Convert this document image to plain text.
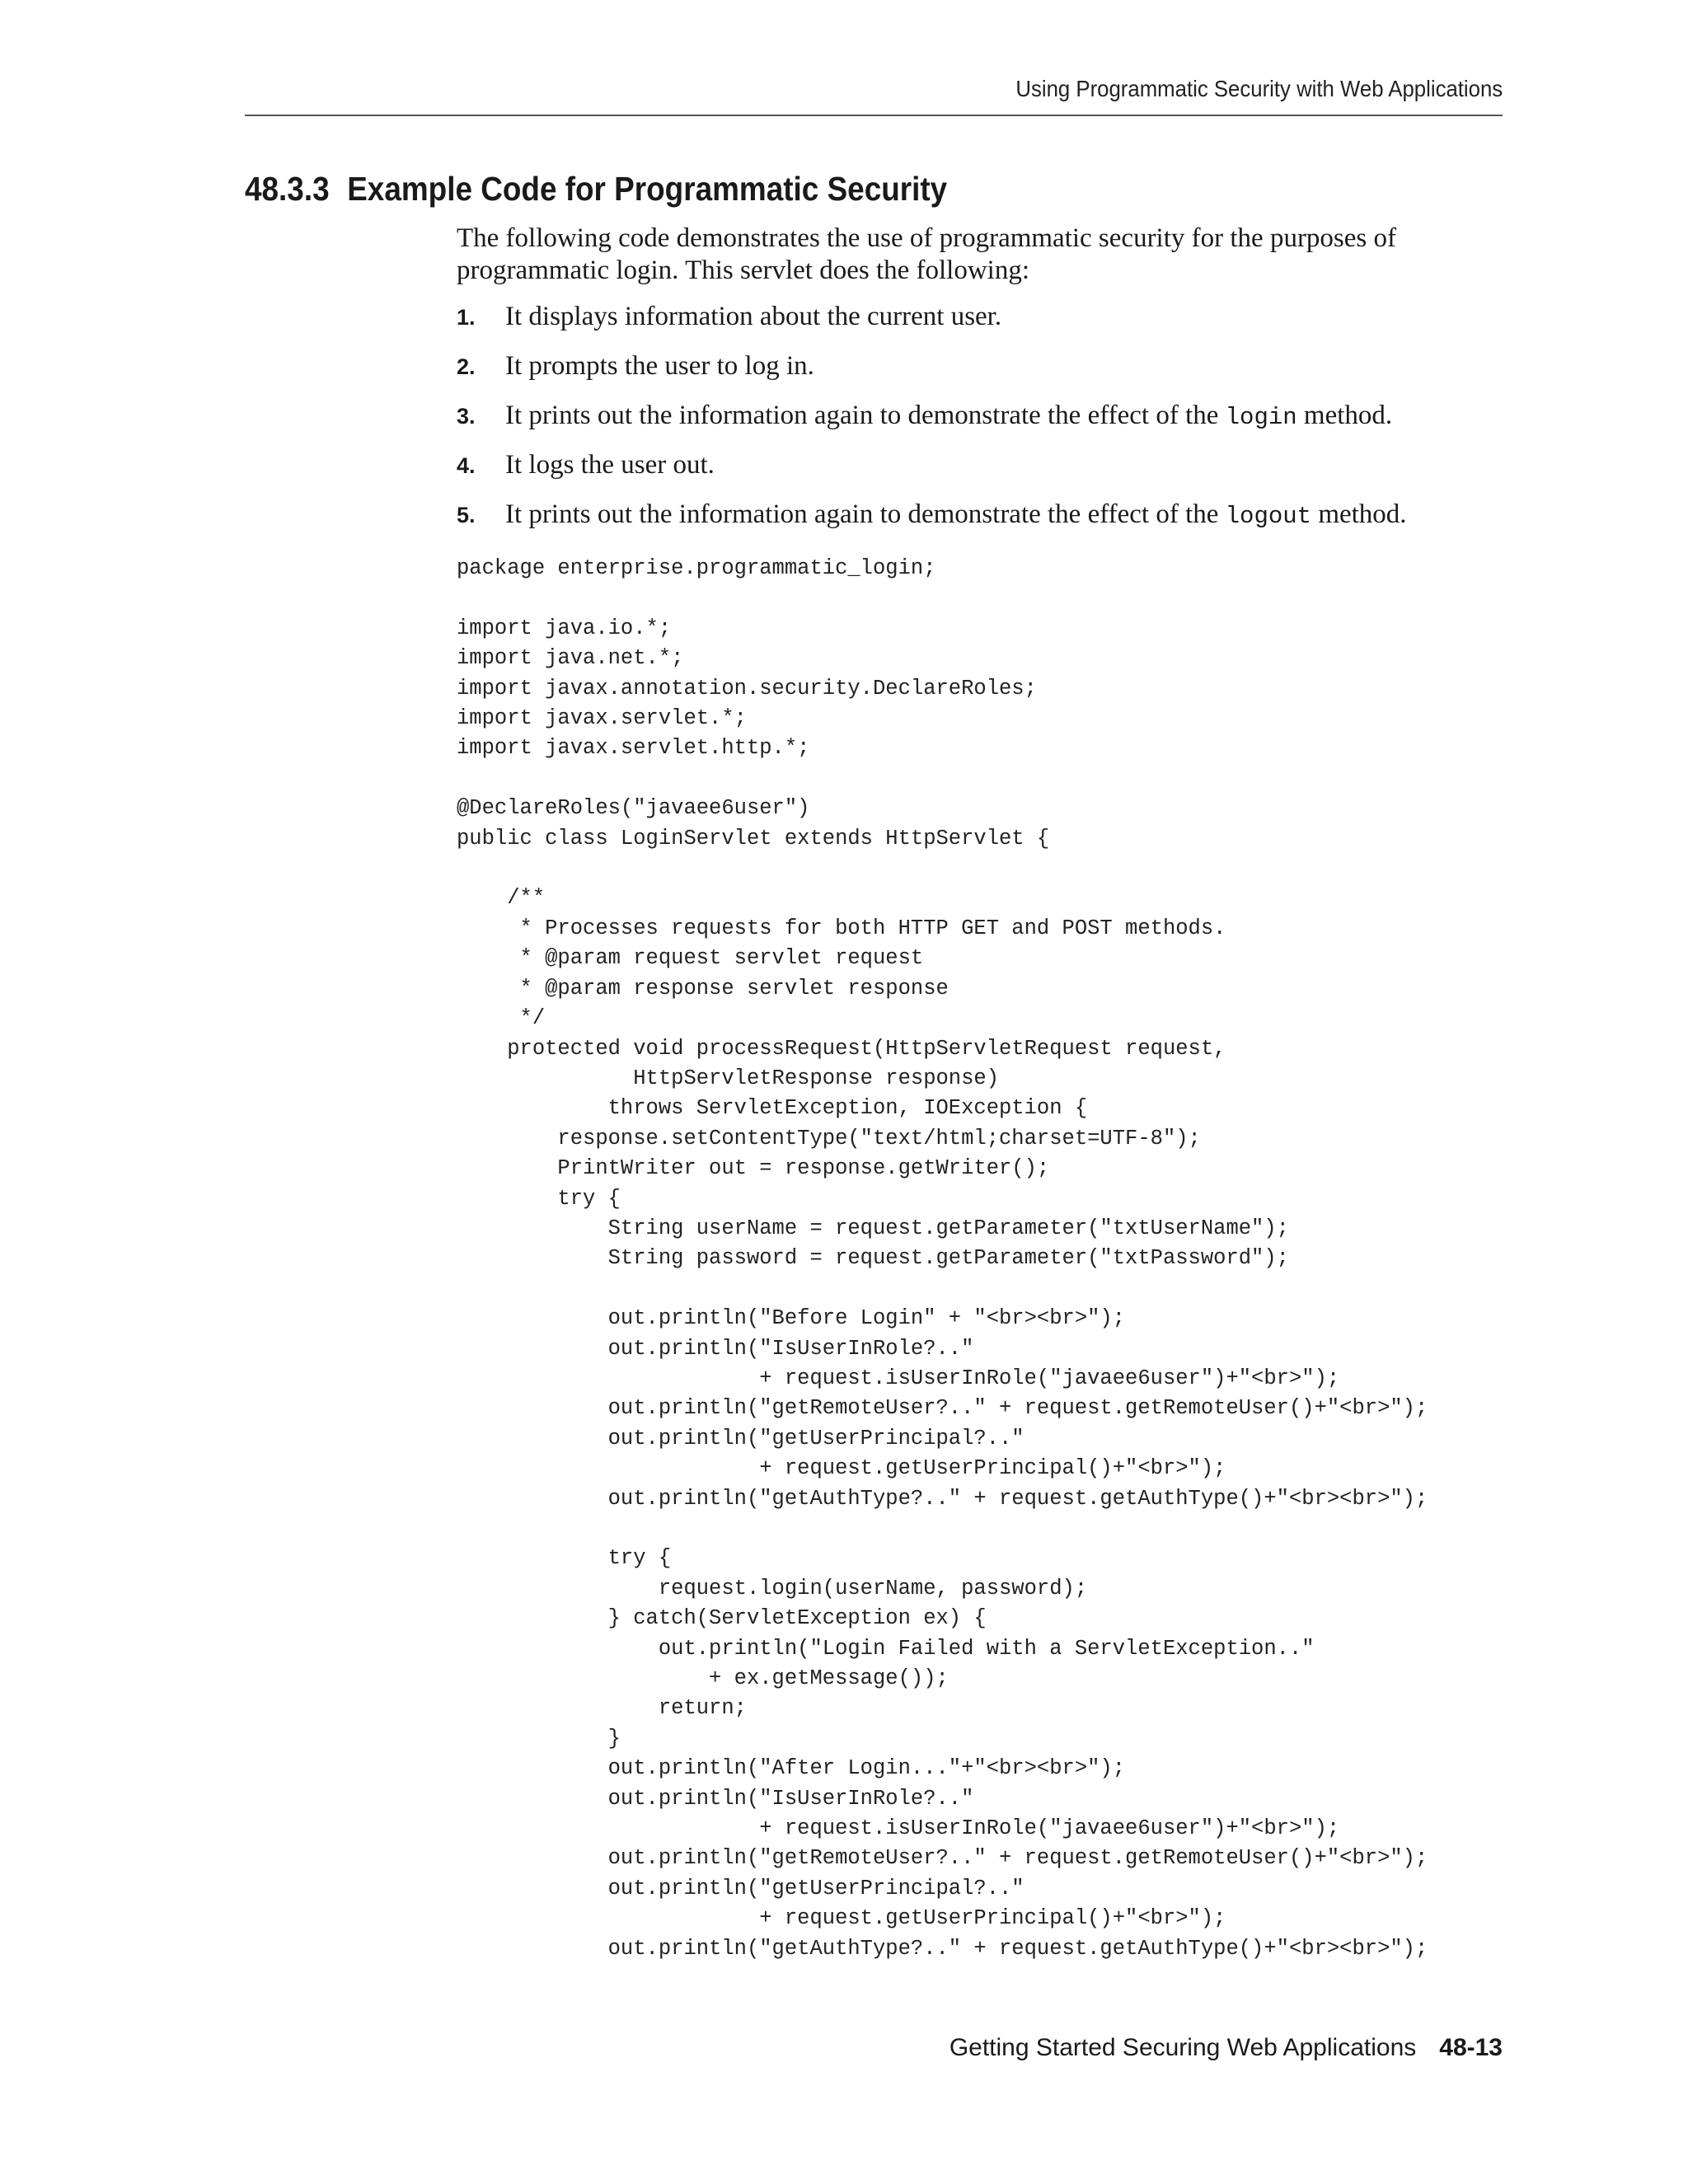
Using Programmatic Security with Web Applications
48.3.3 Example Code for Programmatic Security

The following code demonstrates the use of programmatic security for the purposes of programmatic login. This servlet does the following:

1.	It displays information about the current user.
2.	It prompts the user to log in.
3.	It prints out the information again to demonstrate the effect of the login method.
4.	It logs the user out.
5.	It prints out the information again to demonstrate the effect of the logout method.
package enterprise.programmatic_login;

import java.io.*;
import java.net.*;
import javax.annotation.security.DeclareRoles;
import javax.servlet.*;
import javax.servlet.http.*;

@DeclareRoles("javaee6user")
public class LoginServlet extends HttpServlet {

/**
* Processes requests for both HTTP GET and POST methods.
* @param request servlet request
* @param response servlet response
*/
protected void processRequest(HttpServletRequest request,
HttpServletResponse response)
throws ServletException, IOException {
response.setContentType("text/html;charset=UTF-8");
PrintWriter out = response.getWriter();
try {
String userName = request.getParameter("txtUserName");
String password = request.getParameter("txtPassword");

out.println("Before Login" + "<br><br>");
out.println("IsUserInRole?.."
+ request.isUserInRole("javaee6user")+"<br>");
out.println("getRemoteUser?.." + request.getRemoteUser()+"<br>");
out.println("getUserPrincipal?.."
+ request.getUserPrincipal()+"<br>");
out.println("getAuthType?.." + request.getAuthType()+"<br><br>");

try {
request.login(userName, password);
} catch(ServletException ex) {
out.println("Login Failed with a ServletException.."
+ ex.getMessage());
return;
}
out.println("After Login..."+"<br><br>");
out.println("IsUserInRole?.."
+ request.isUserInRole("javaee6user")+"<br>");
out.println("getRemoteUser?.." + request.getRemoteUser()+"<br>");
out.println("getUserPrincipal?.."
+ request.getUserPrincipal()+"<br>");
out.println("getAuthType?.." + request.getAuthType()+"<br><br>");
Getting Started Securing Web Applications 48-13
